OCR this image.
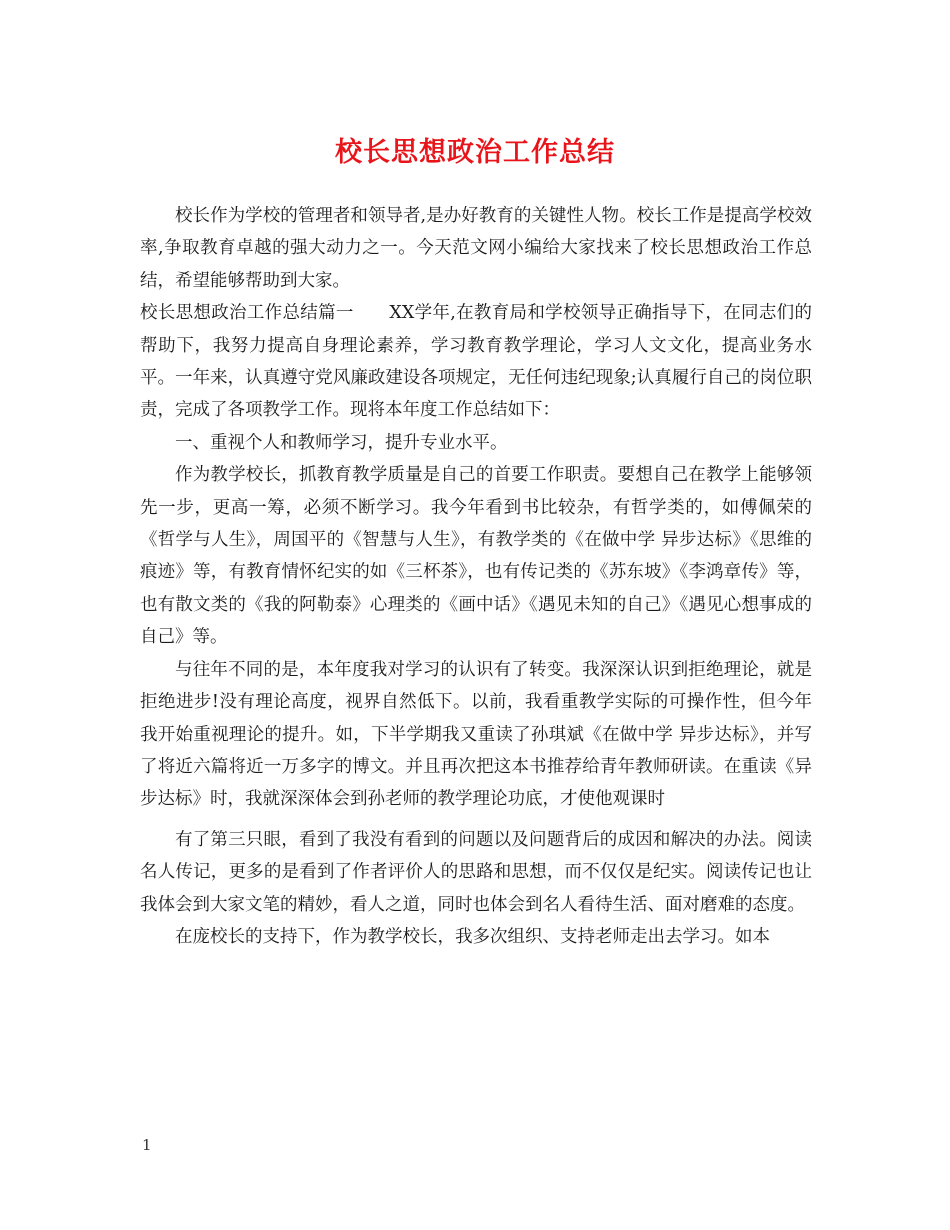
校长思想政治工作总结

校长作为学校的管理者和领导者,是办好教育的关键性人物。校长工作是提高学校效率,争取教育卓越的强大动力之一。今天范文网小编给大家找来了校长思想政治工作总结，希望能够帮助到大家。

校长思想政治工作总结篇一　　XX学年,在教育局和学校领导正确指导下，在同志们的帮助下，我努力提高自身理论素养，学习教育教学理论，学习人文文化，提高业务水平。一年来，认真遵守党风廉政建设各项规定，无任何违纪现象;认真履行自己的岗位职责，完成了各项教学工作。现将本年度工作总结如下：

一、重视个人和教师学习，提升专业水平。

作为教学校长，抓教育教学质量是自己的首要工作职责。要想自己在教学上能够领先一步，更高一筹，必须不断学习。我今年看到书比较杂，有哲学类的，如傅佩荣的《哲学与人生》，周国平的《智慧与人生》，有教学类的《在做中学 异步达标》《思维的痕迹》等，有教育情怀纪实的如《三杯茶》，也有传记类的《苏东坡》《李鸿章传》等，也有散文类的《我的阿勒泰》心理类的《画中话》《遇见未知的自己》《遇见心想事成的自己》等。

与往年不同的是，本年度我对学习的认识有了转变。我深深认识到拒绝理论，就是拒绝进步!没有理论高度，视界自然低下。以前，我看重教学实际的可操作性，但今年我开始重视理论的提升。如，下半学期我又重读了孙琪斌《在做中学 异步达标》，并写了将近六篇将近一万多字的博文。并且再次把这本书推荐给青年教师研读。在重读《异步达标》时，我就深深体会到孙老师的教学理论功底，才使他观课时

有了第三只眼，看到了我没有看到的问题以及问题背后的成因和解决的办法。阅读名人传记，更多的是看到了作者评价人的思路和思想，而不仅仅是纪实。阅读传记也让我体会到大家文笔的精妙，看人之道，同时也体会到名人看待生活、面对磨难的态度。

在庞校长的支持下，作为教学校长，我多次组织、支持老师走出去学习。如本

1
